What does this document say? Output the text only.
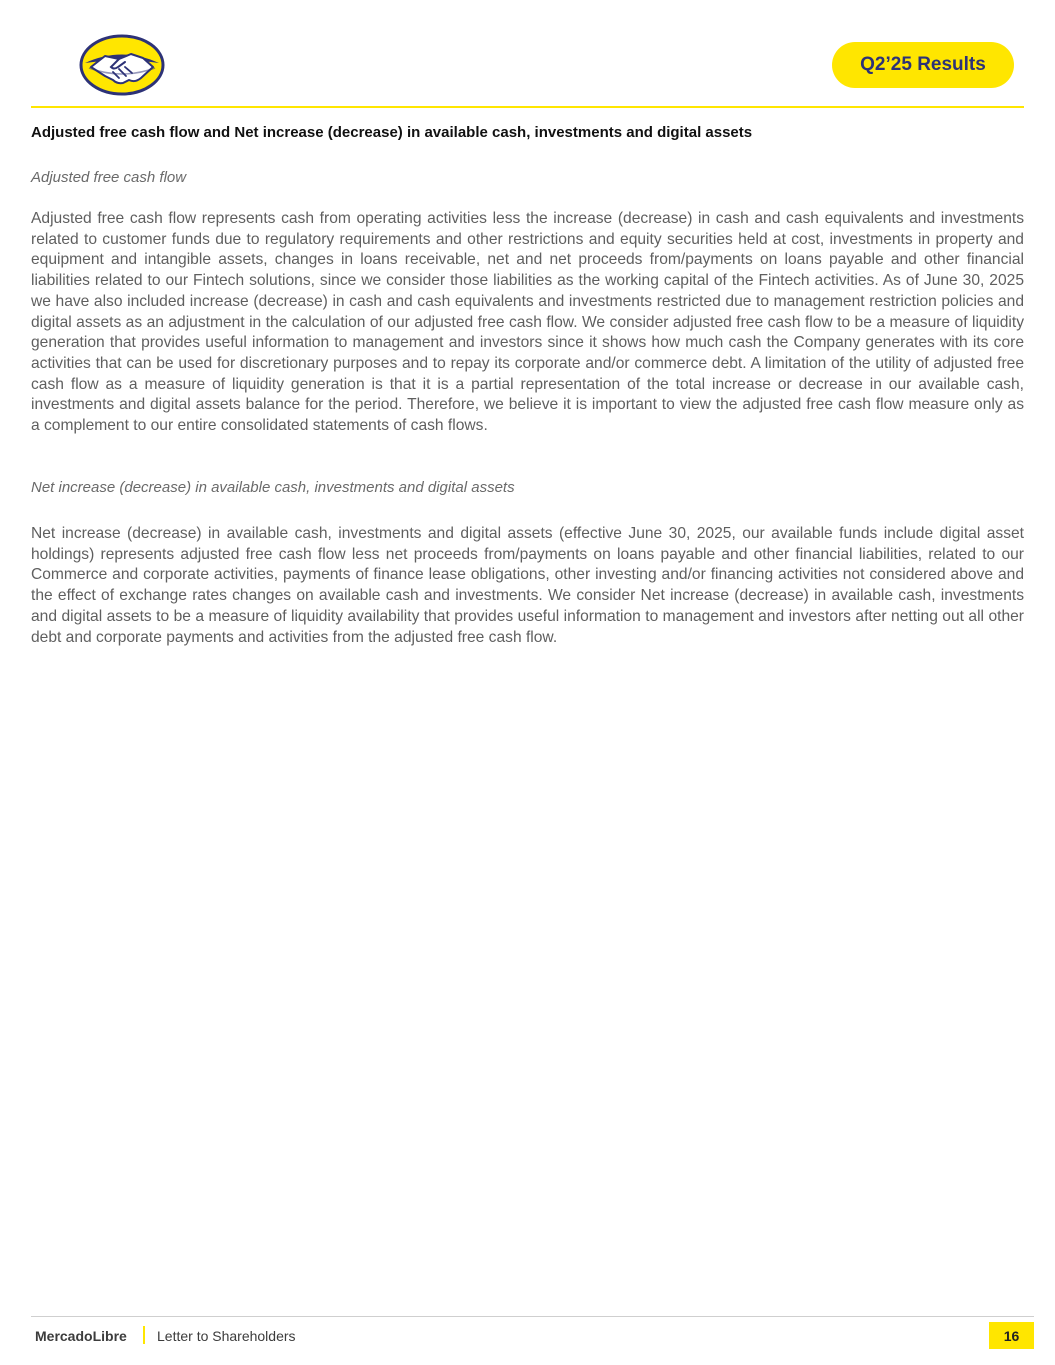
Q2’25 Results
Adjusted free cash flow and Net increase (decrease) in available cash, investments and digital assets
Adjusted free cash flow

Adjusted free cash flow represents cash from operating activities less the increase (decrease) in cash and cash equivalents and investments related to customer funds due to regulatory requirements and other restrictions and equity securities held at cost, investments in property and equipment and intangible assets, changes in loans receivable, net and net proceeds from/payments on loans payable and other financial liabilities related to our Fintech solutions, since we consider those liabilities as the working capital of the Fintech activities. As of June 30, 2025 we have also included increase (decrease) in cash and cash equivalents and investments restricted due to management restriction policies and digital assets as an adjustment in the calculation of our adjusted free cash flow. We consider adjusted free cash flow to be a measure of liquidity generation that provides useful information to management and investors since it shows how much cash the Company generates with its core activities that can be used for discretionary purposes and to repay its corporate and/or commerce debt. A limitation of the utility of adjusted free cash flow as a measure of liquidity generation is that it is a partial representation of the total increase or decrease in our available cash, investments and digital assets balance for the period. Therefore, we believe it is important to view the adjusted free cash flow measure only as a complement to our entire consolidated statements of cash flows.

Net increase (decrease) in available cash, investments and digital assets

Net increase (decrease) in available cash, investments and digital assets (effective June 30, 2025, our available funds include digital asset holdings) represents adjusted free cash flow less net proceeds from/payments on loans payable and other financial liabilities, related to our Commerce and corporate activities, payments of finance lease obligations, other investing and/or financing activities not considered above and the effect of exchange rates changes on available cash and investments. We consider Net increase (decrease) in available cash, investments and digital assets to be a measure of liquidity availability that provides useful information to management and investors after netting out all other debt and corporate payments and activities from the adjusted free cash flow.

MercadoLibre Letter to Shareholders	16
